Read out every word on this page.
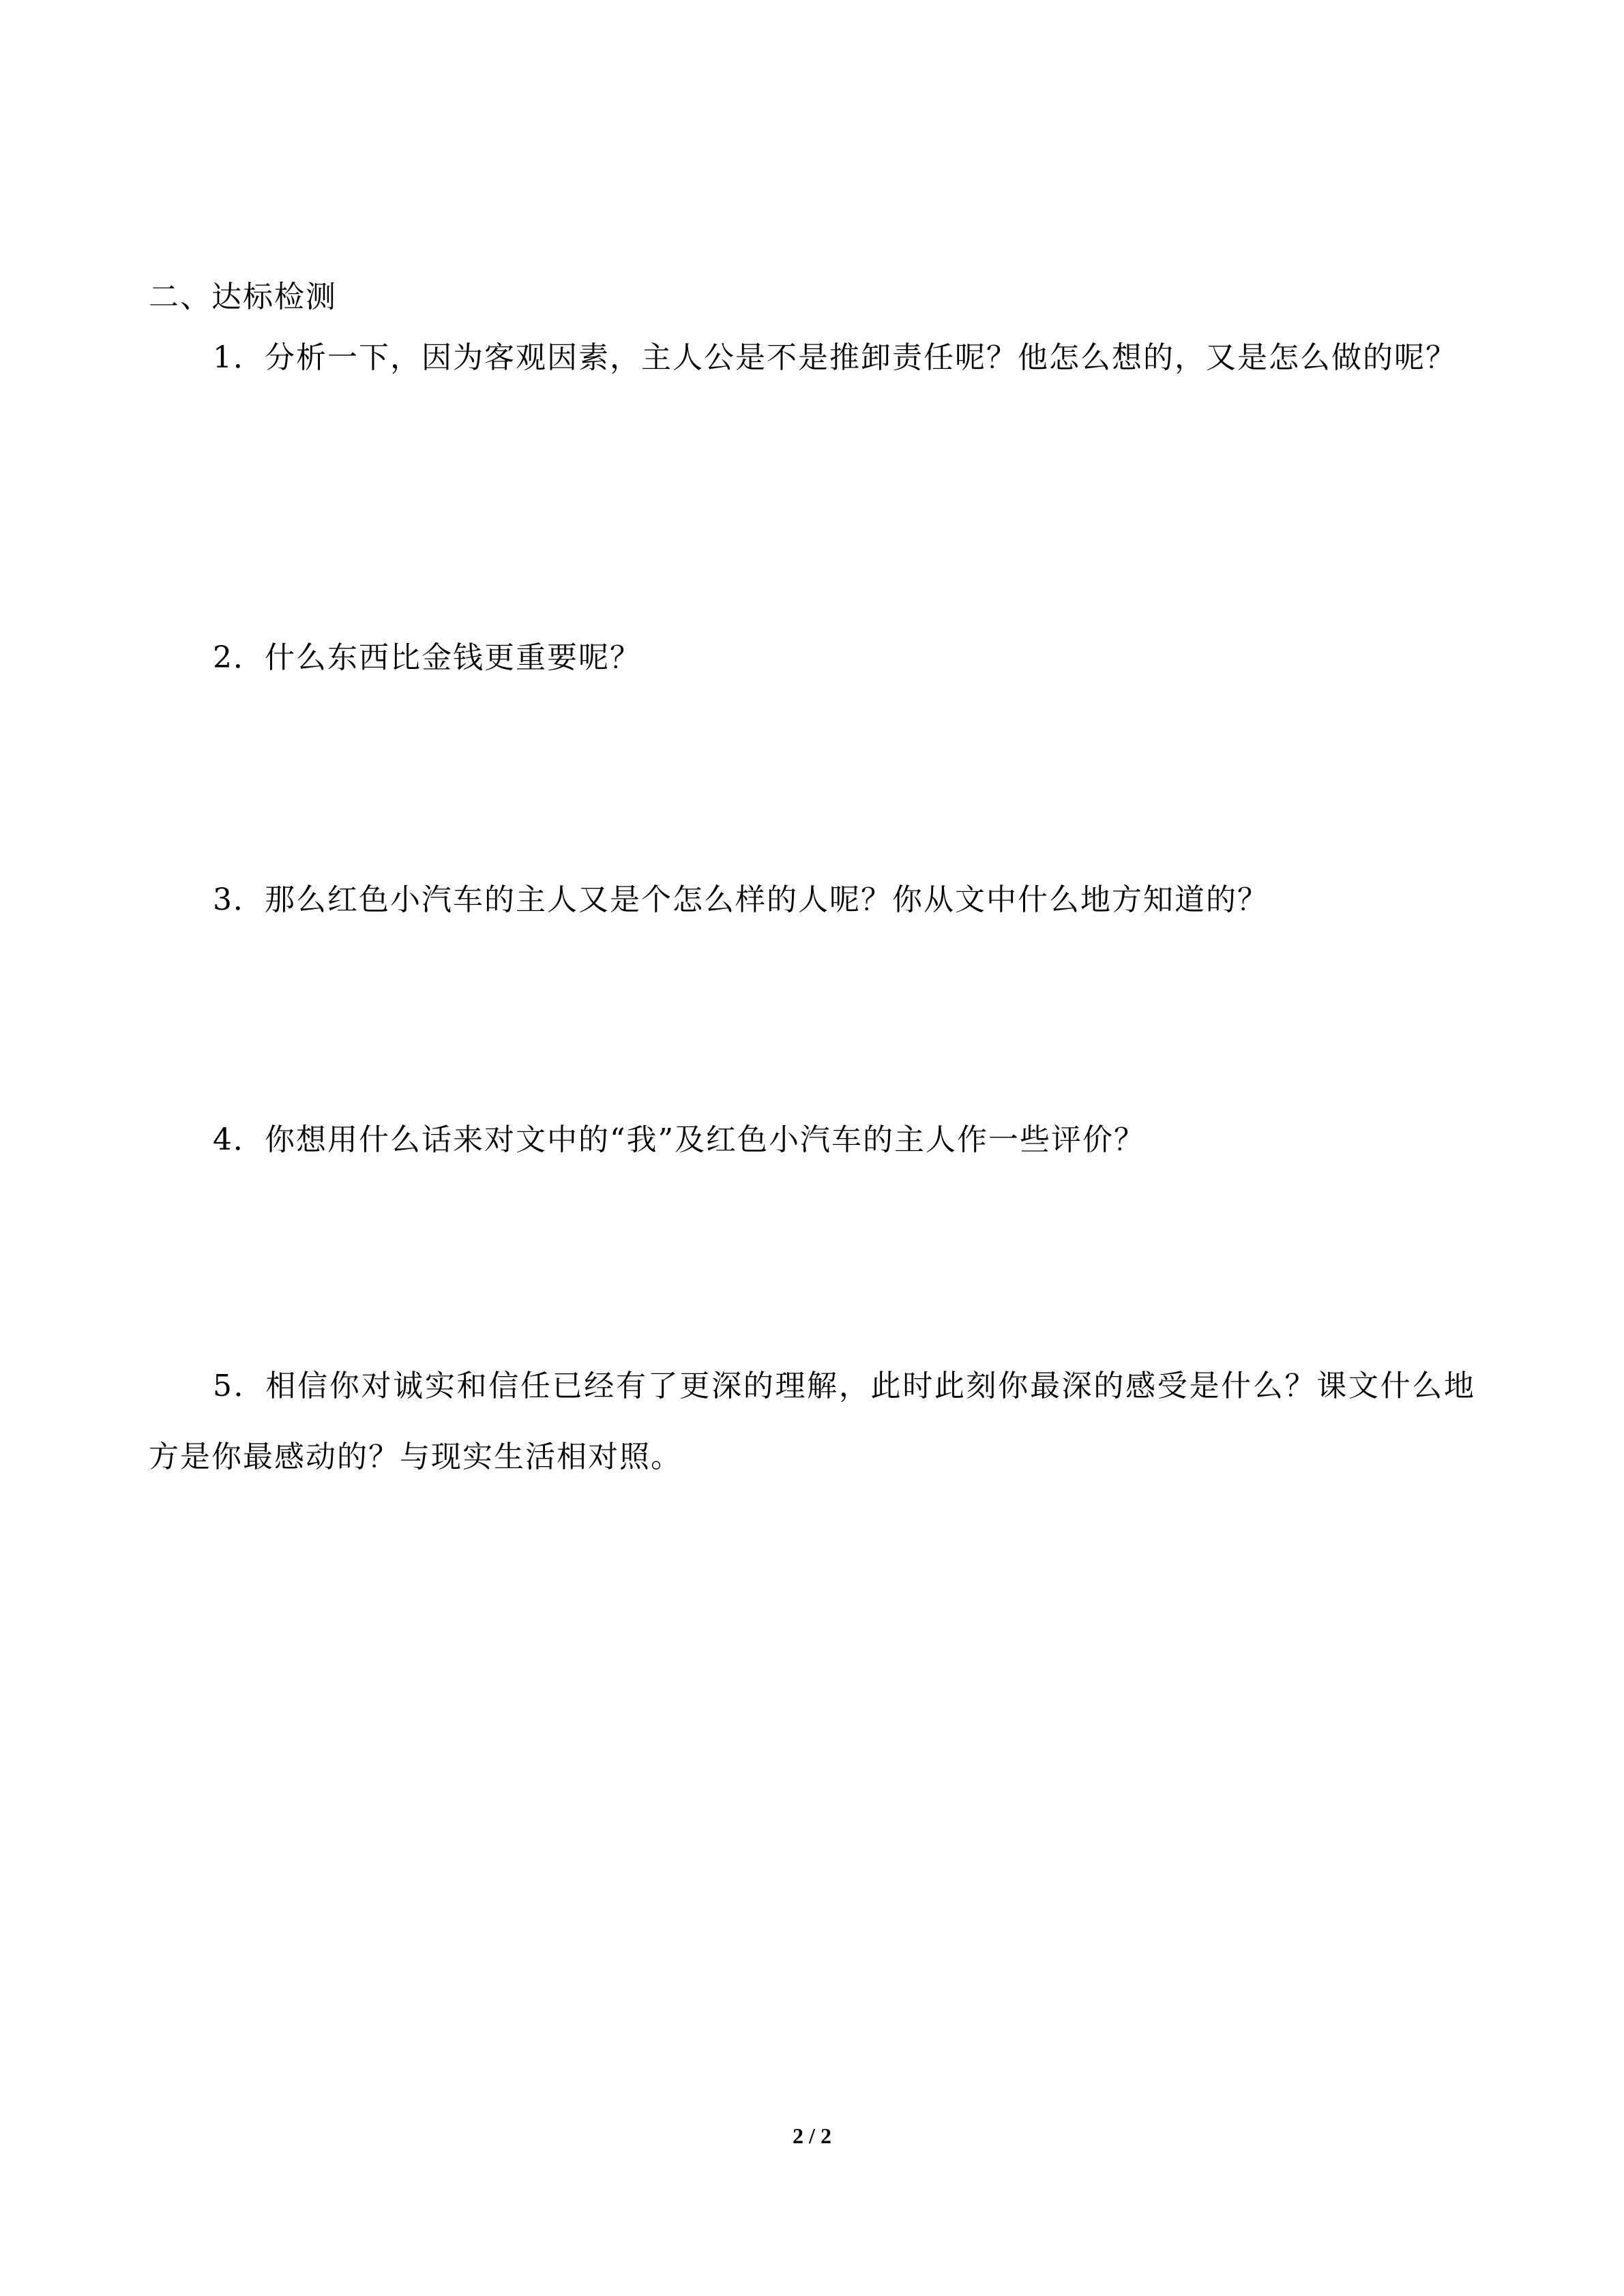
二、达标检测
1．分析一下，因为客观因素，主人公是不是推卸责任呢？他怎么想的，又是怎么做的呢？
2．什么东西比金钱更重要呢？
3．那么红色小汽车的主人又是个怎么样的人呢？你从文中什么地方知道的？
4．你想用什么话来对文中的“我”及红色小汽车的主人作一些评价？
5．相信你对诚实和信任已经有了更深的理解，此时此刻你最深的感受是什么？课文什么地方是你最感动的？与现实生活相对照。
2 / 2
